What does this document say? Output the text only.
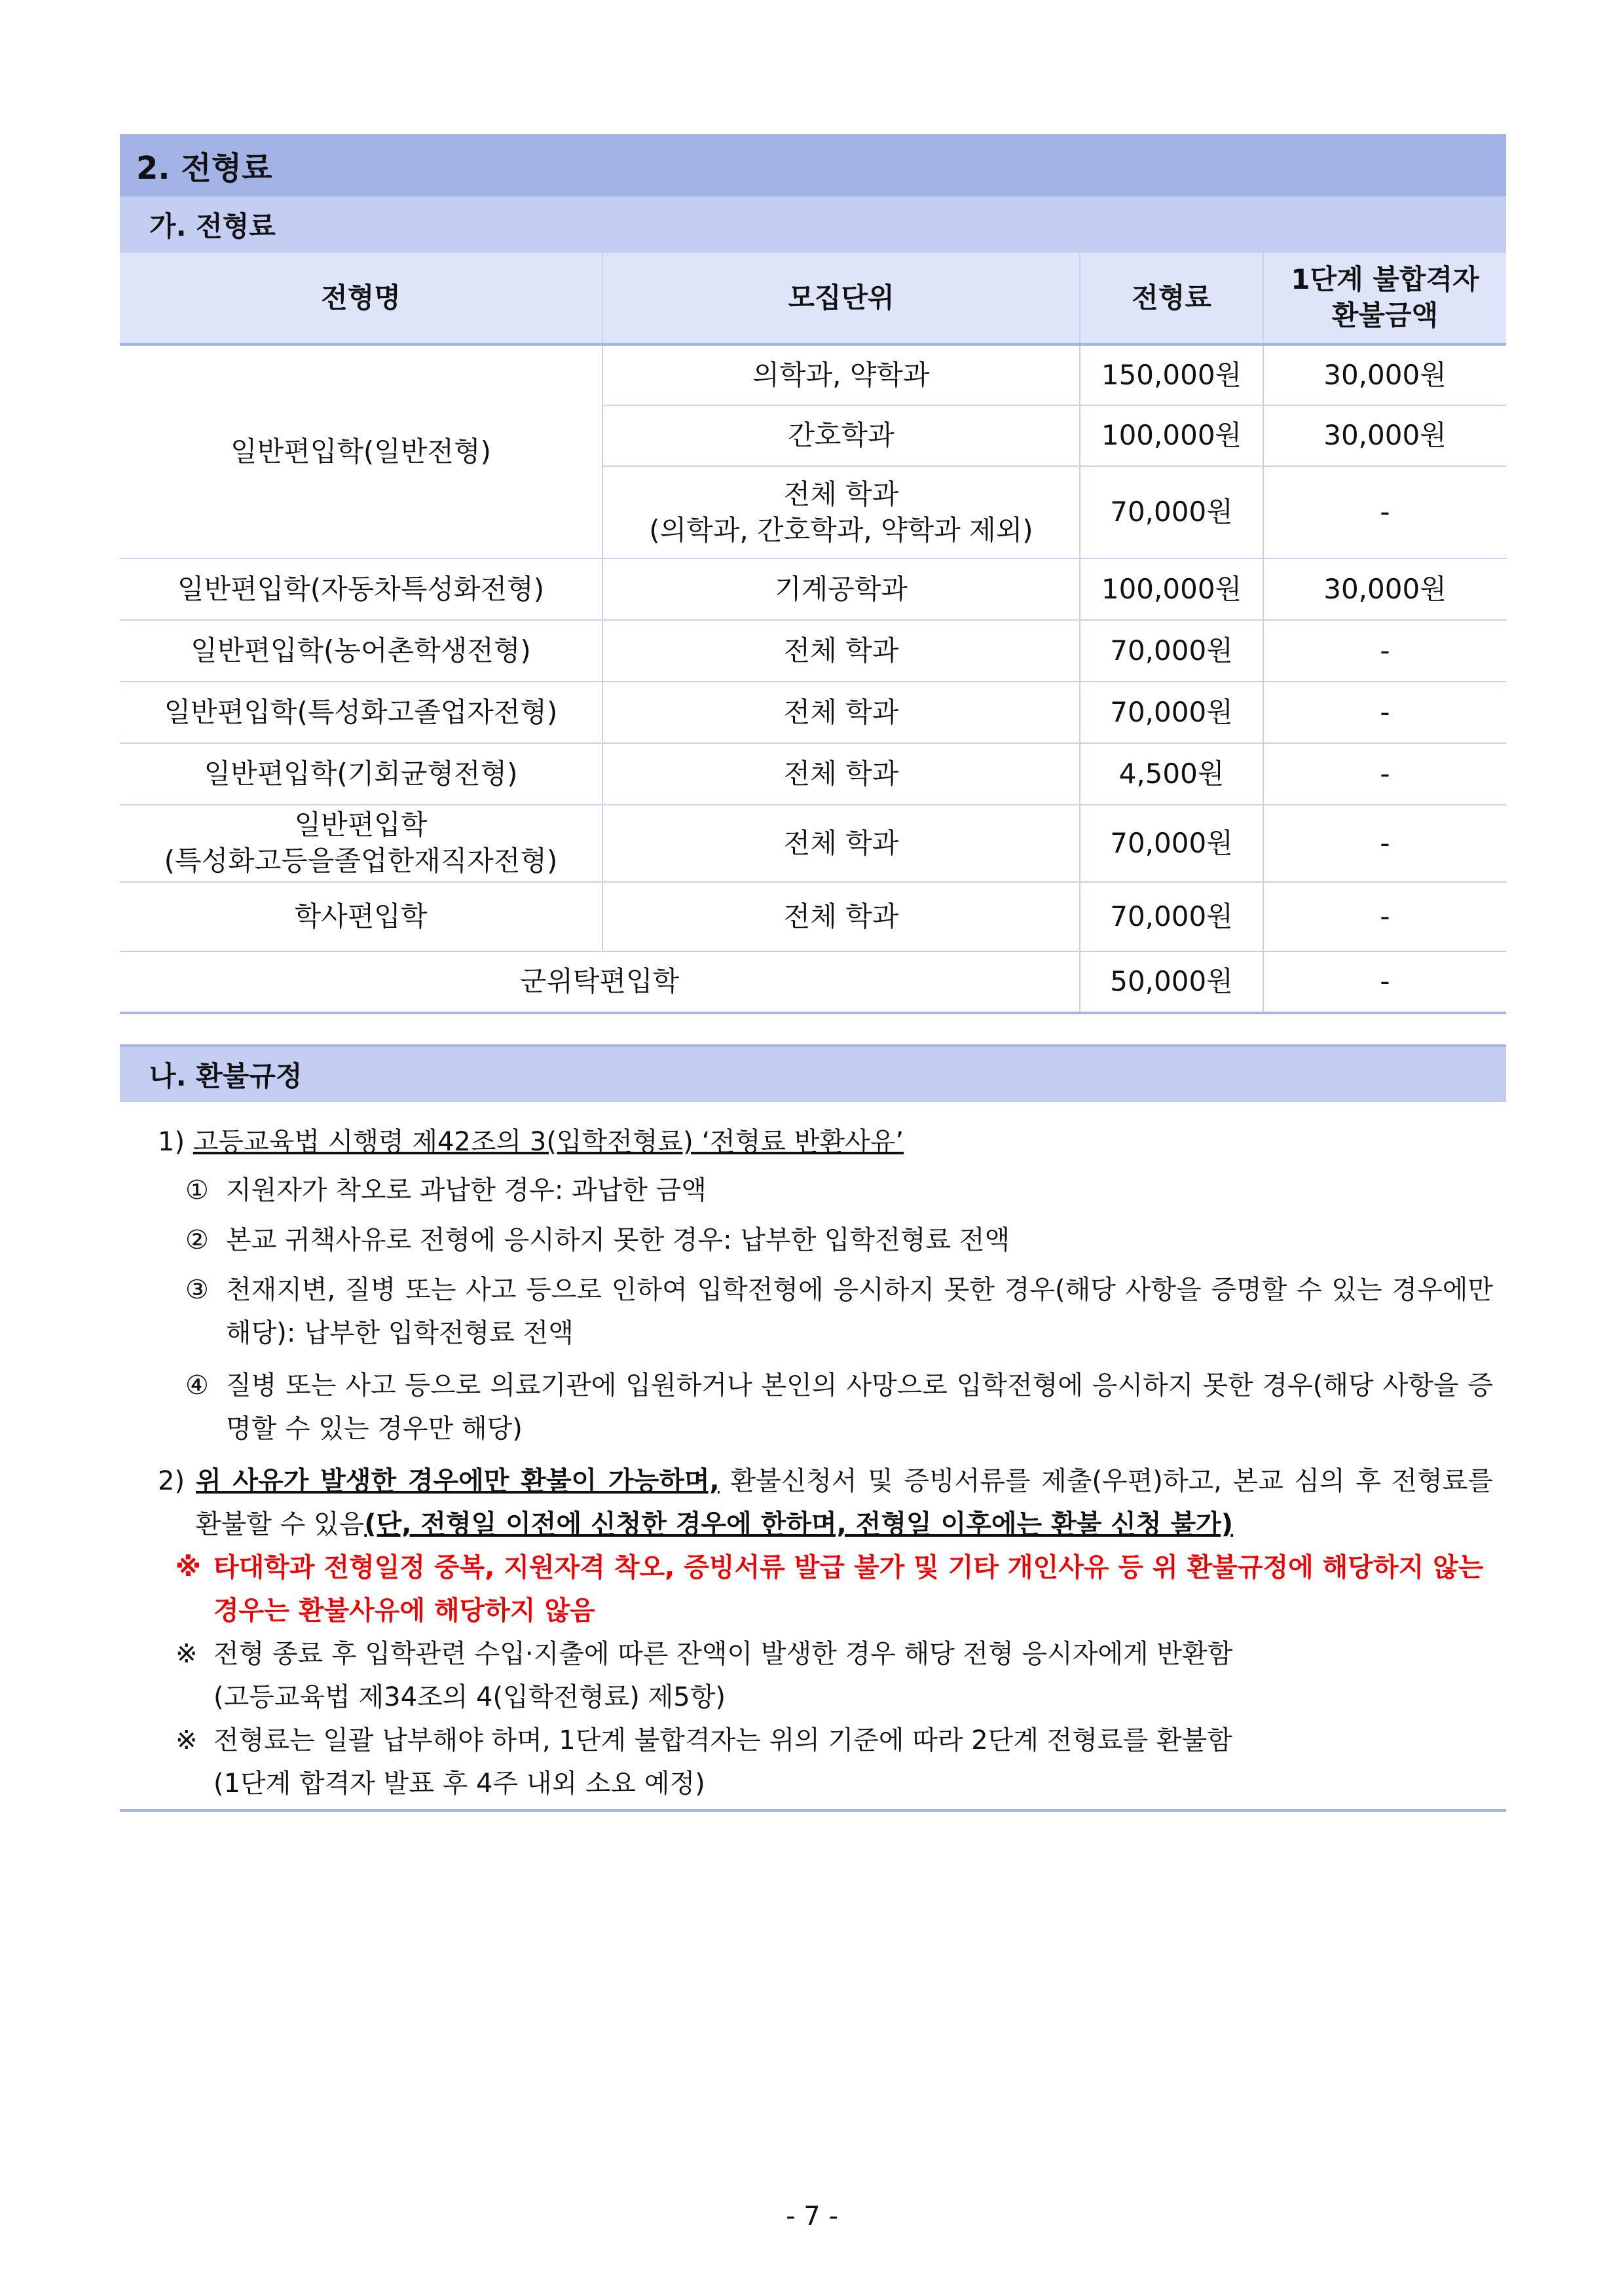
2. 전형료
가. 전형료
전형명	모집단위	전형료	1단계 불합격자
환불금액

일반편입학(일반전형)	의학과, 약학과	150,000원	30,000원
	간호학과	100,000원	30,000원

	전체 학과
(의학과, 간호학과, 약학과 제외)	70,000원	-
일반편입학(자동차특성화전형)	기계공학과	100,000원	30,000원
일반편입학(농어촌학생전형)	전체 학과	70,000원	-
일반편입학(특성화고졸업자전형)	전체 학과	70,000원	-
일반편입학(기회균형전형)	전체 학과	4,500원	-

일반편입학
(특성화고등을졸업한재직자전형)	전체 학과	70,000원	-
학사편입학	전체 학과	70,000원	-
군위탁편입학		50,000원	-
나. 환불규정

1) 고등교육법 시행령 제42조의 3(입학전형료) ‘전형료 반환사유’

① 지원자가 착오로 과납한 경우: 과납한 금액
② 본교 귀책사유로 전형에 응시하지 못한 경우: 납부한 입학전형료 전액
③ 천재지변, 질병 또는 사고 등으로 인하여 입학전형에 응시하지 못한 경우(해당 사항을 증명할 수 있는 경우에만 해당): 납부한 입학전형료 전액
④ 질병 또는 사고 등으로 의료기관에 입원하거나 본인의 사망으로 입학전형에 응시하지 못한 경우(해당 사항을 증명할 수 있는 경우만 해당)
2) 위 사유가 발생한 경우에만 환불이 가능하며, 환불신청서 및 증빙서류를 제출(우편)하고, 본교 심의 후 전형료를 환불할 수 있음(단, 전형일 이전에 신청한 경우에 한하며, 전형일 이후에는 환불 신청 불가)
※ 타대학과 전형일정 중복, 지원자격 착오, 증빙서류 발급 불가 및 기타 개인사유 등 위 환불규정에 해당하지 않는 경우는 환불사유에 해당하지 않음
※ 전형 종료 후 입학관련 수입·지출에 따른 잔액이 발생한 경우 해당 전형 응시자에게 반환함
(고등교육법 제34조의 4(입학전형료) 제5항)
※ 전형료는 일괄 납부해야 하며, 1단계 불합격자는 위의 기준에 따라 2단계 전형료를 환불함
(1단계 합격자 발표 후 4주 내외 소요 예정)
- 7 -
